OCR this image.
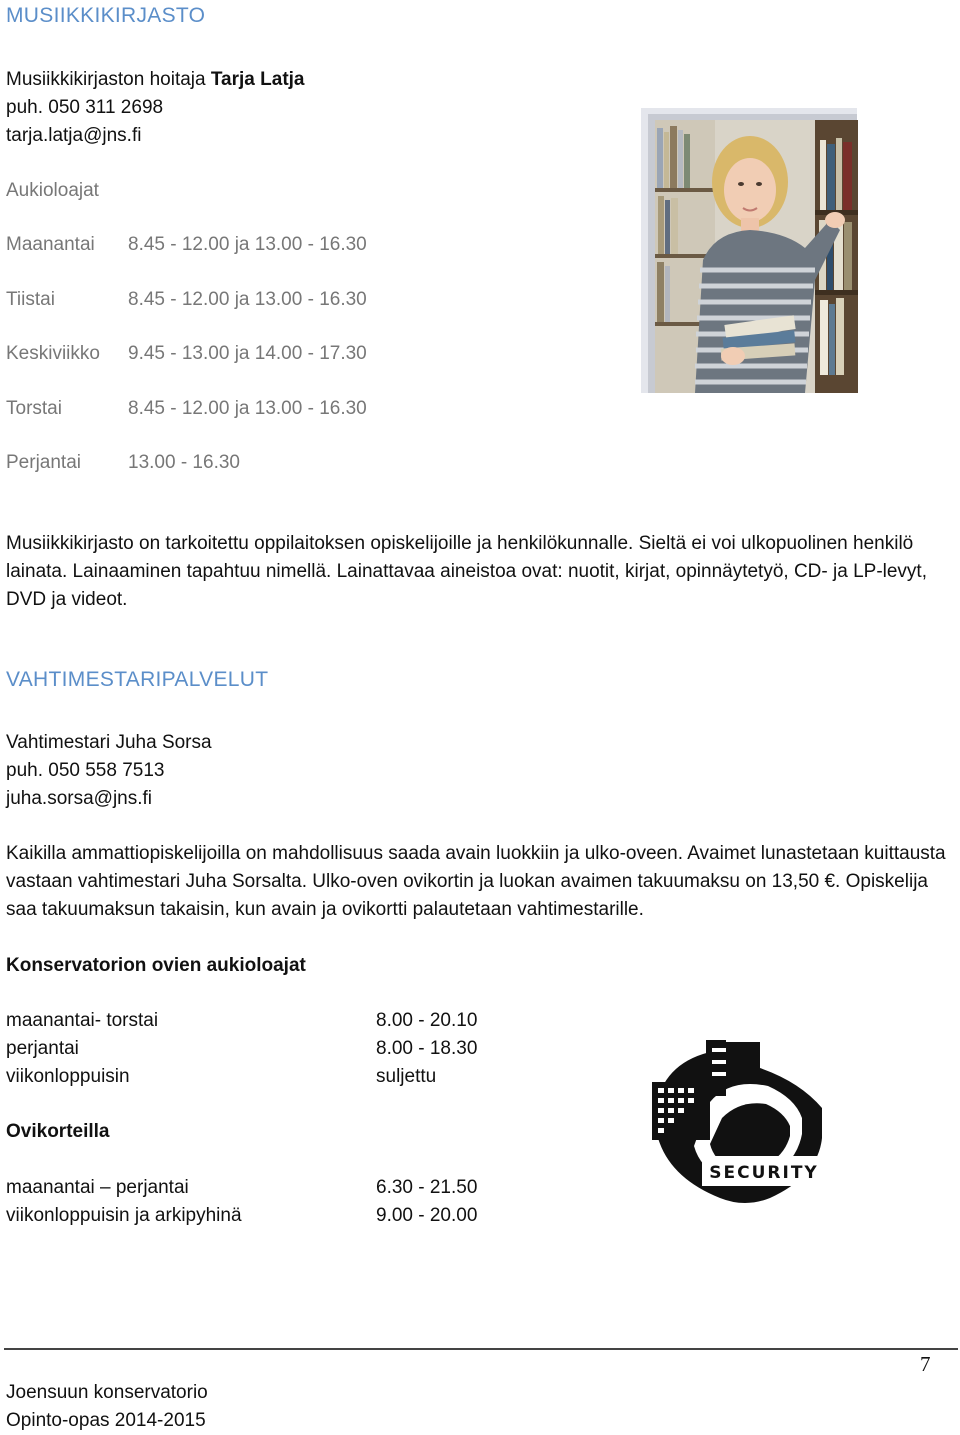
MUSIIKKIKIRJASTO
Musiikkikirjaston hoitaja Tarja Latja
puh. 050 311 2698
tarja.latja@jns.fi
Aukioloajat
Maanantai 8.45 - 12.00 ja 13.00 - 16.30
Tiistai	8.45 - 12.00 ja 13.00 - 16.30
Keskiviikko 9.45 - 13.00 ja 14.00 - 17.30
Torstai	8.45 - 12.00 ja 13.00 - 16.30
Perjantai 13.00 - 16.30

Musiikkikirjasto on tarkoitettu oppilaitoksen opiskelijoille ja henkilökunnalle. Sieltä ei voi ulkopuolinen henkilö lainata. Lainaaminen tapahtuu nimellä. Lainattavaa aineistoa ovat: nuotit, kirjat, opinnäytetyö, CD- ja LP-levyt, DVD ja videot.

VAHTIMESTARIPALVELUT
Vahtimestari Juha Sorsa
puh. 050 558 7513
juha.sorsa@jns.fi

Kaikilla ammattiopiskelijoilla on mahdollisuus saada avain luokkiin ja ulko-oveen. Avaimet lunastetaan kuittausta vastaan vahtimestari Juha Sorsalta. Ulko-oven ovikortin ja luokan avaimen takuumaksu on 13,50 €. Opiskelija saa takuumaksun takaisin, kun avain ja ovikortti palautetaan vahtimestarille.

Konservatorion ovien aukioloajat
maanantai- torstai	8.00 - 20.10
perjantai	8.00 - 18.30
viikonloppuisin	suljettu
Ovikorteilla
maanantai – perjantai	6.30 - 21.50
viikonloppuisin ja arkipyhinä	9.00 - 20.00
SECURITY
7
Joensuun konservatorio
Opinto-opas 2014-2015
